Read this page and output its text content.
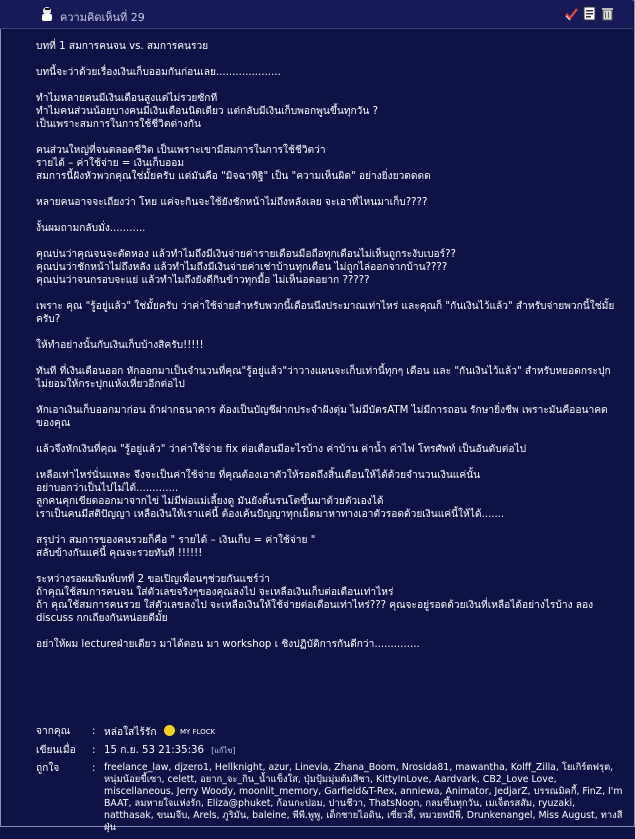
ความคิดเห็นที่ 29

บทที่ 1 สมการคนจน vs. สมการคนรวย

บทนี้จะว่าด้วยเรื่องเงินเก็บออมกันก่อนเลย....................

ทำไมหลายคนมีเงินเดือนสูงแต่ไม่รวยซักที
ทำไมคนส่วนน้อยบางคนมีเงินเดือนนิดเดียว แต่กลับมีเงินเก็บพอกพูนขึ้นทุกวัน ?
เป็นเพราะสมการในการใช้ชีวิตต่างกัน

คนส่วนใหญ่ที่จนตลอดชีวิต เป็นเพราะเขามีสมการในการใช้ชีวิตว่า
รายได้ – ค่าใช้จ่าย = เงินเก็บออม
สมการนี้ฝังหัวพวกคุณใช่มั้ยครับ แต่มันคือ "มิจฉาทิฐิ" เป็น "ความเห็นผิด" อย่างยิ่งยวดดดด

หลายคนอาจจะเถียงว่า โหย แค่จะกินจะใช้ยังชักหน้าไม่ถึงหลังเลย จะเอาที่ไหนมาเก็บ????

งั้นผมถามกลับมั่ง...........

คุณบ่นว่าคุณจนจะตัดหอง แล้วทำไมถึงมีเงินจ่ายค่ารายเดือนมือถือทุกเดือนไม่เห็นถูกระงับเบอร์??
คุณบ่นว่าชักหน้าไม่ถึงหลัง แล้วทำไมถึงมีเงินจ่ายค่าเช่าบ้านทุกเดือน ไม่ถูกไล่ออกจากบ้าน????
คุณบ่นว่าจนกรอบจะแย่ แล้วทำไมถึงยังดีกินข้าวทุกมื้อ ไม่เห็นอดอยาก ?????

เพราะ คุณ "รู้อยู่แล้ว" ใช่มั้ยครับ ว่าค่าใช้จ่ายสำหรับพวกนี้เดือนนึงประมาณเท่าไหร่ และคุณก็ "กันเงินไว้แล้ว" สำหรับจ่ายพวกนี้ใช่มั้ยครับ?

ให้ทำอย่างนั้นกับเงินเก็บบ้างสิครับ!!!!!

ทันที ที่เงินเดือนออก หักออกมาเป็นจำนวนที่คุณ"รู้อยู่แล้ว"ว่าวางแผนจะเก็บเท่านี้ทุกๆ เดือน และ "กันเงินไว้แล้ว" สำหรับหยอดกระปุก ไม่ยอมให้กระปุกแห้งเหี่ยวอีกต่อไป

หักเอาเงินเก็บออกมาก่อน ถ้าฝากธนาคาร ต้องเป็นบัญชีฝากประจำฝังตุ่ม ไม่มีบัตรATM ไม่มีการถอน รักษายิ่งชีพ เพราะมันคืออนาคตของคุณ

แล้วจึงหักเงินที่คุณ "รู้อยู่แล้ว" ว่าค่าใช้จ่าย fix ต่อเดือนมีอะไรบ้าง ค่าบ้าน ค่าน้ำ ค่าไฟ โทรศัพท์ เป็นอันดับต่อไป

เหลือเท่าไหร่นั่นแหละ จึงจะเป็นค่าใช้จ่าย ที่คุณต้องเอาตัวให้รอดถึงสิ้นเดือนให้ได้ด้วยจำนวนเงินแค่นั้น
อย่าบอกว่าเป็นไปไม่ได้.............
ลูกคนคุกเขียดออกมาจากไข่ ไม่มีพ่อแม่เลี้ยงดู มันยังดิ้นรนโตขึ้นมาด้วยตัวเองได้
เราเป็นคนมีสติปัญญา เหลือเงินให้เราแค่นี้ ต้องเค้นปัญญาทุกเม็ดมาหาทางเอาตัวรอดด้วยเงินแค่นี้ให้ได้.......

สรุปว่า สมการของคนรวยก็คือ " รายได้ – เงินเก็บ = ค่าใช้จ่าย "
สลับข้างกันแค่นี้ คุณจะรวยทันที !!!!!!

ระหว่างรอผมพิมพ์บทที่ 2 ขอเปิญเพื่อนๆช่วยกันแชร์ว่า
ถ้าคุณใช้สมการคนจน ใส่ตัวเลขจริงๆของคุณลงไป จะเหลือเงินเก็บต่อเดือนเท่าไหร่
ถ้า คุณใช้สมการคนรวย ใส่ตัวเลขลงไป จะเหลือเงินให้ใช้จ่ายต่อเดือนเท่าไหร่??? คุณจะอยู่รอดด้วยเงินที่เหลือได้อย่างไรบ้าง ลอง discuss กกเถียงกันหน่อยดีมั้ย

อย่าให้ผม lectureฝ่ายเดียว มาได้ตอน มา workshop เ ชิงปฏิบัติการกันดีกว่า..............

จากคุณ	: หล่อใสไร้รัก	MY FLOCK
เขียนเมื่อ	: 15 ก.ย. 53 21:35:36 [แก้ไข]
ถูกใจ	: freelance_law, djzero1, Hellknight, azur, Linevia, Zhana_Boom, Nrosida81, mawantha, Kolff_Zilla, โยเกิร์ตฟรุต, หนุ่มน้อยขี้เซา, celett, อยาก_จะ_กิน_น้ำแข็งใส, ปุ่มปุ้มมุ่มต้มสีชา, KittyInLove, Aardvark, CB2_Love Love, miscellaneous, Jerry Woody, moonlit_memory, Garfield&T-Rex, anniewa, Animator, JedjarZ, บรรณมิคกี้, FinZ, I'm BAAT, ลมหายใจแห่งรัก, Eliza@phuket, ก้อนกะปอม, ปานชีวา, ThatsNoon, กลมขึ้นทุกวัน, เมเจ็ตรสสัม, ryuzaki, natthasak, ขนมจีบ, Arels, ภูริมัน, baleine, พีพี.พูพู, เด็กชายไอดิน, เซี่ยวลี้, หมวยหมีพี, Drunkenangel, Miss August, ทางสีฝุ่น
